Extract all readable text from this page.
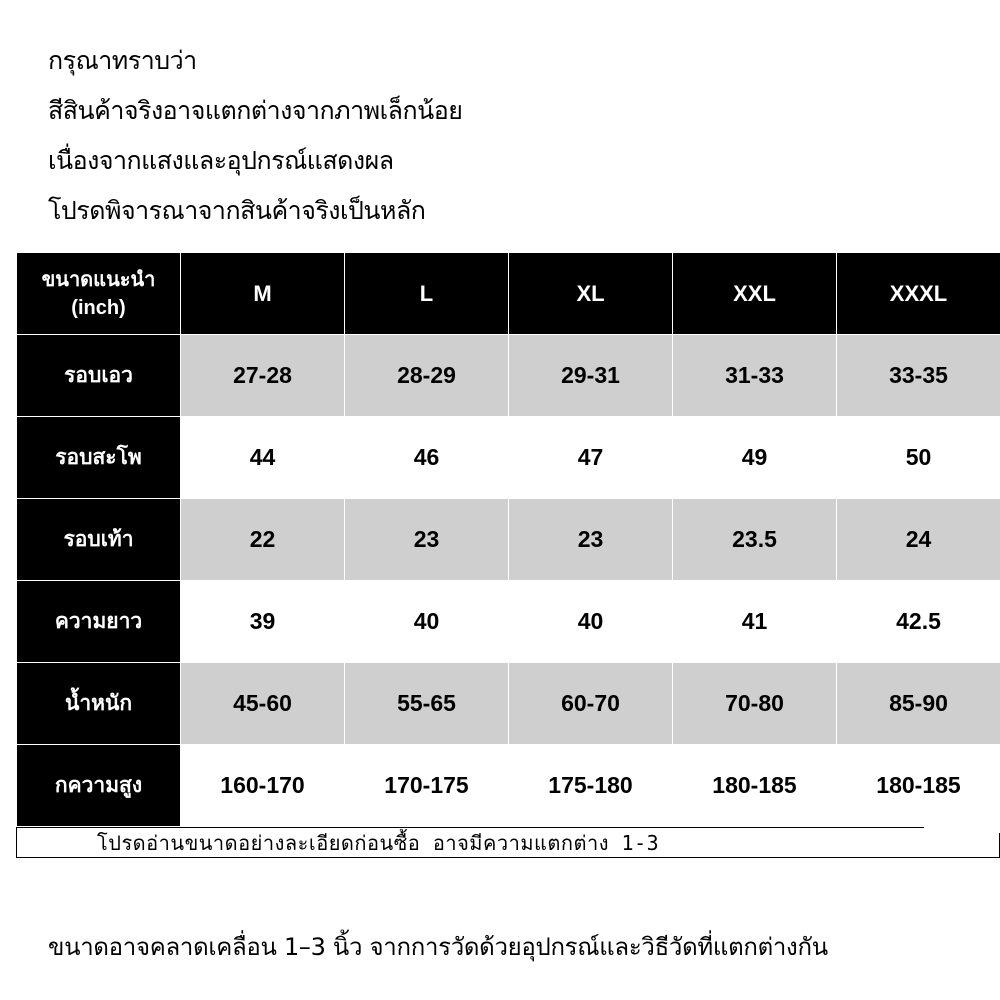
กรุณาทราบว่า
สีสินค้าจริงอาจแตกต่างจากภาพเล็กน้อย
เนื่องจากแสงและอุปกรณ์แสดงผล
โปรดพิจารณาจากสินค้าจริงเป็นหลัก
ขนาดแนะนำ
(inch)	M	L	XL	XXL	XXXL
รอบเอว	27-28	28-29	29-31	31-33	33-35
รอบสะโพ	44	46	47	49	50
รอบเท้า	22	23	23	23.5	24
ความยาว	39	40	40	41	42.5
น้ำหนัก	45-60	55-65	60-70	70-80	85-90
กความสูง	160-170	170-175	175-180	180-185	180-185
โปรดอ่านขนาดอย่างละเอียดก่อนซื้อ อาจมีความแตกต่าง 1-3
ขนาดอาจคลาดเคลื่อน 1–3 นิ้ว จากการวัดด้วยอุปกรณ์และวิธีวัดที่แตกต่างกัน
